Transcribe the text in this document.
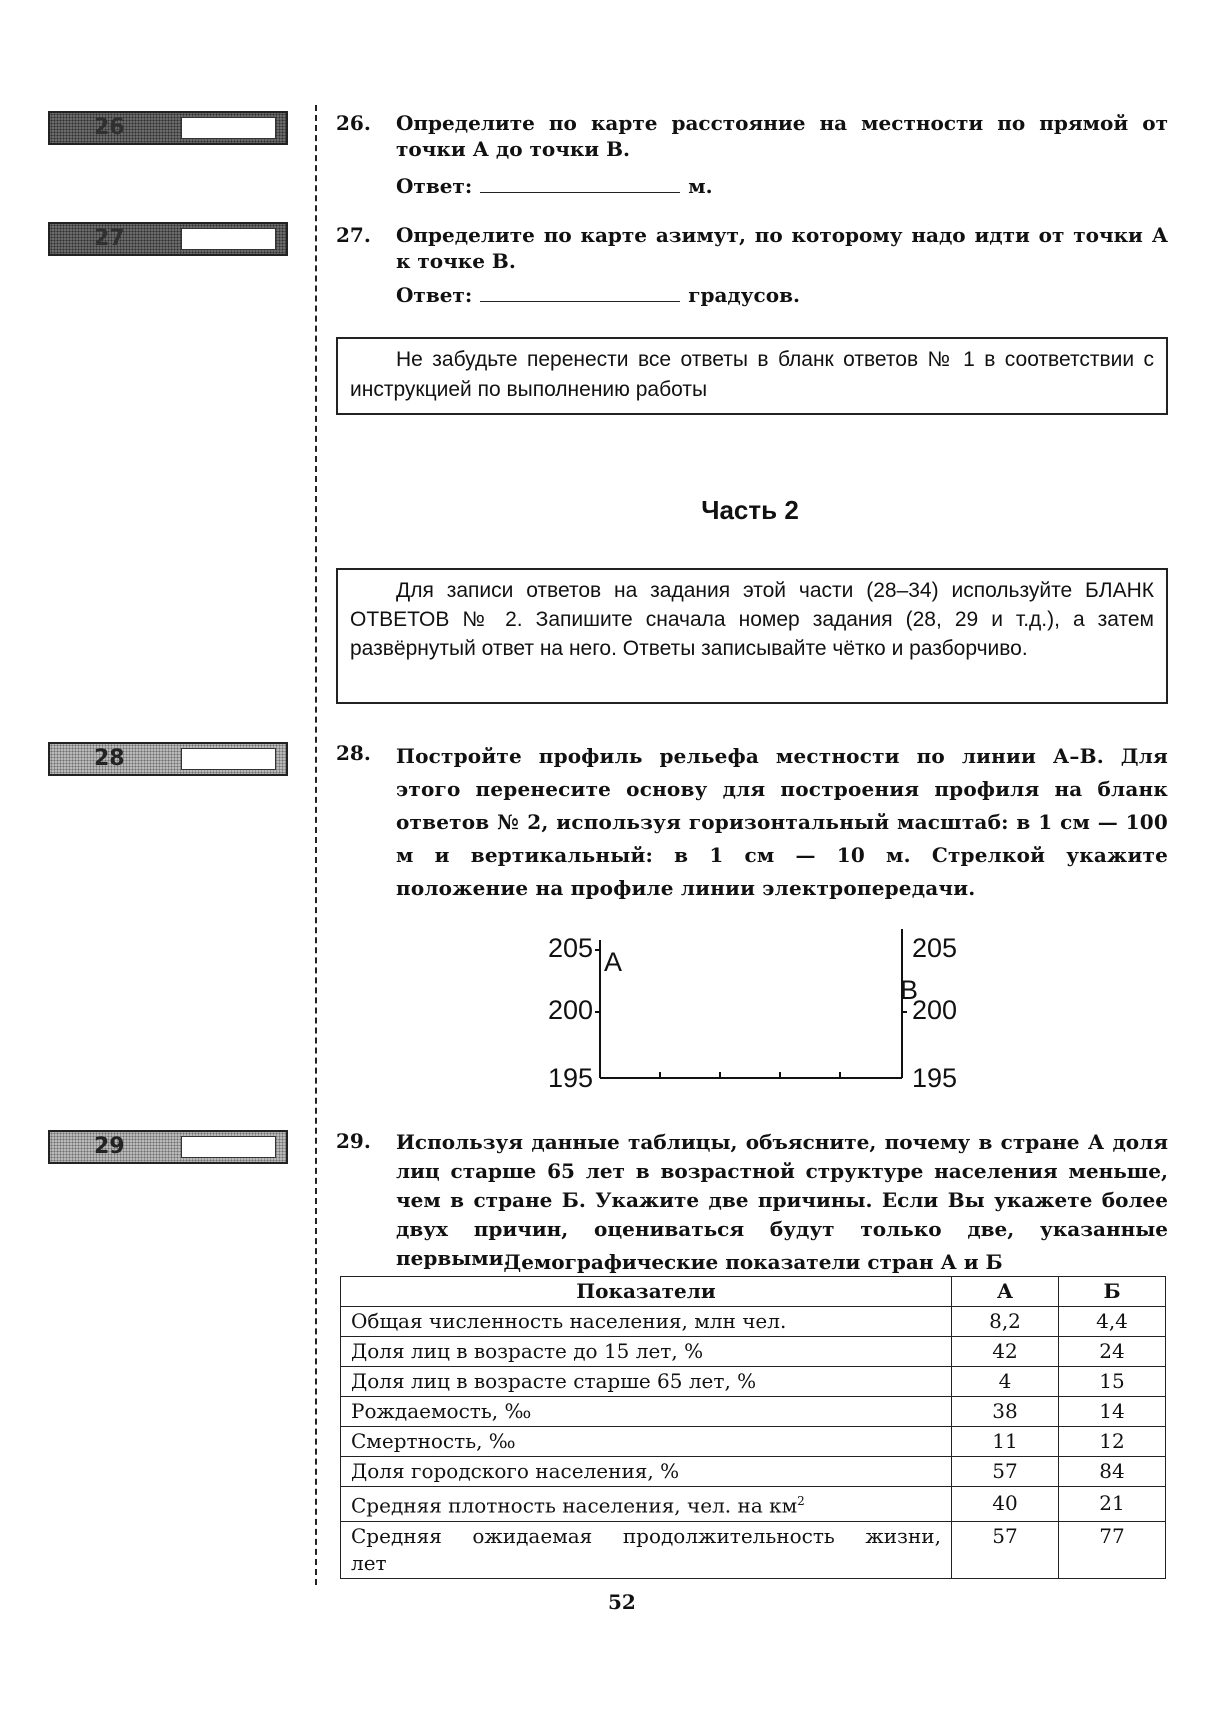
26
27
28
29
26. Определите по карте расстояние на местности по прямой от точки А до точки В.
Ответ:	м.
27. Определите по карте азимут, по которому надо идти от точки А к точке В.
Ответ:	градусов.
Не забудьте перенести все ответы в бланк ответов № 1 в соответствии с инструкцией по выполнению работы
Часть 2
Для записи ответов на задания этой части (28–34) используйте БЛАНК ОТВЕТОВ № 2. Запишите сначала номер задания (28, 29 и т.д.), а затем развёрнутый ответ на него. Ответы записывайте чётко и разборчиво.
28. Постройте профиль рельефа местности по линии А–В. Для этого перенесите основу для построения профиля на бланк ответов № 2, используя горизонтальный масштаб: в 1 см — 100 м и вертикальный: в 1 см — 10 м. Стрелкой укажите положение на профиле линии электропередачи.
205
200
195
А
В
205
200
195
29. Используя данные таблицы, объясните, почему в стране А доля лиц старше 65 лет в возрастной структуре населения меньше, чем в стране Б. Укажите две причины. Если Вы укажете более двух причин, оцениваться будут только две, указанные первыми.
Демографические показатели стран А и Б
Показатели	А	Б
Общая численность населения, млн чел.	8,2	4,4
Доля лиц в возрасте до 15 лет, %	42	24
Доля лиц в возрасте старше 65 лет, %	4	15
Рождаемость, ‰	38	14
Смертность, ‰	11	12
Доля городского населения, %	57	84
Средняя плотность населения, чел. на $км^2$	40	21

Средняя ожидаемая продолжительность жизни,
лет	57	77
52
